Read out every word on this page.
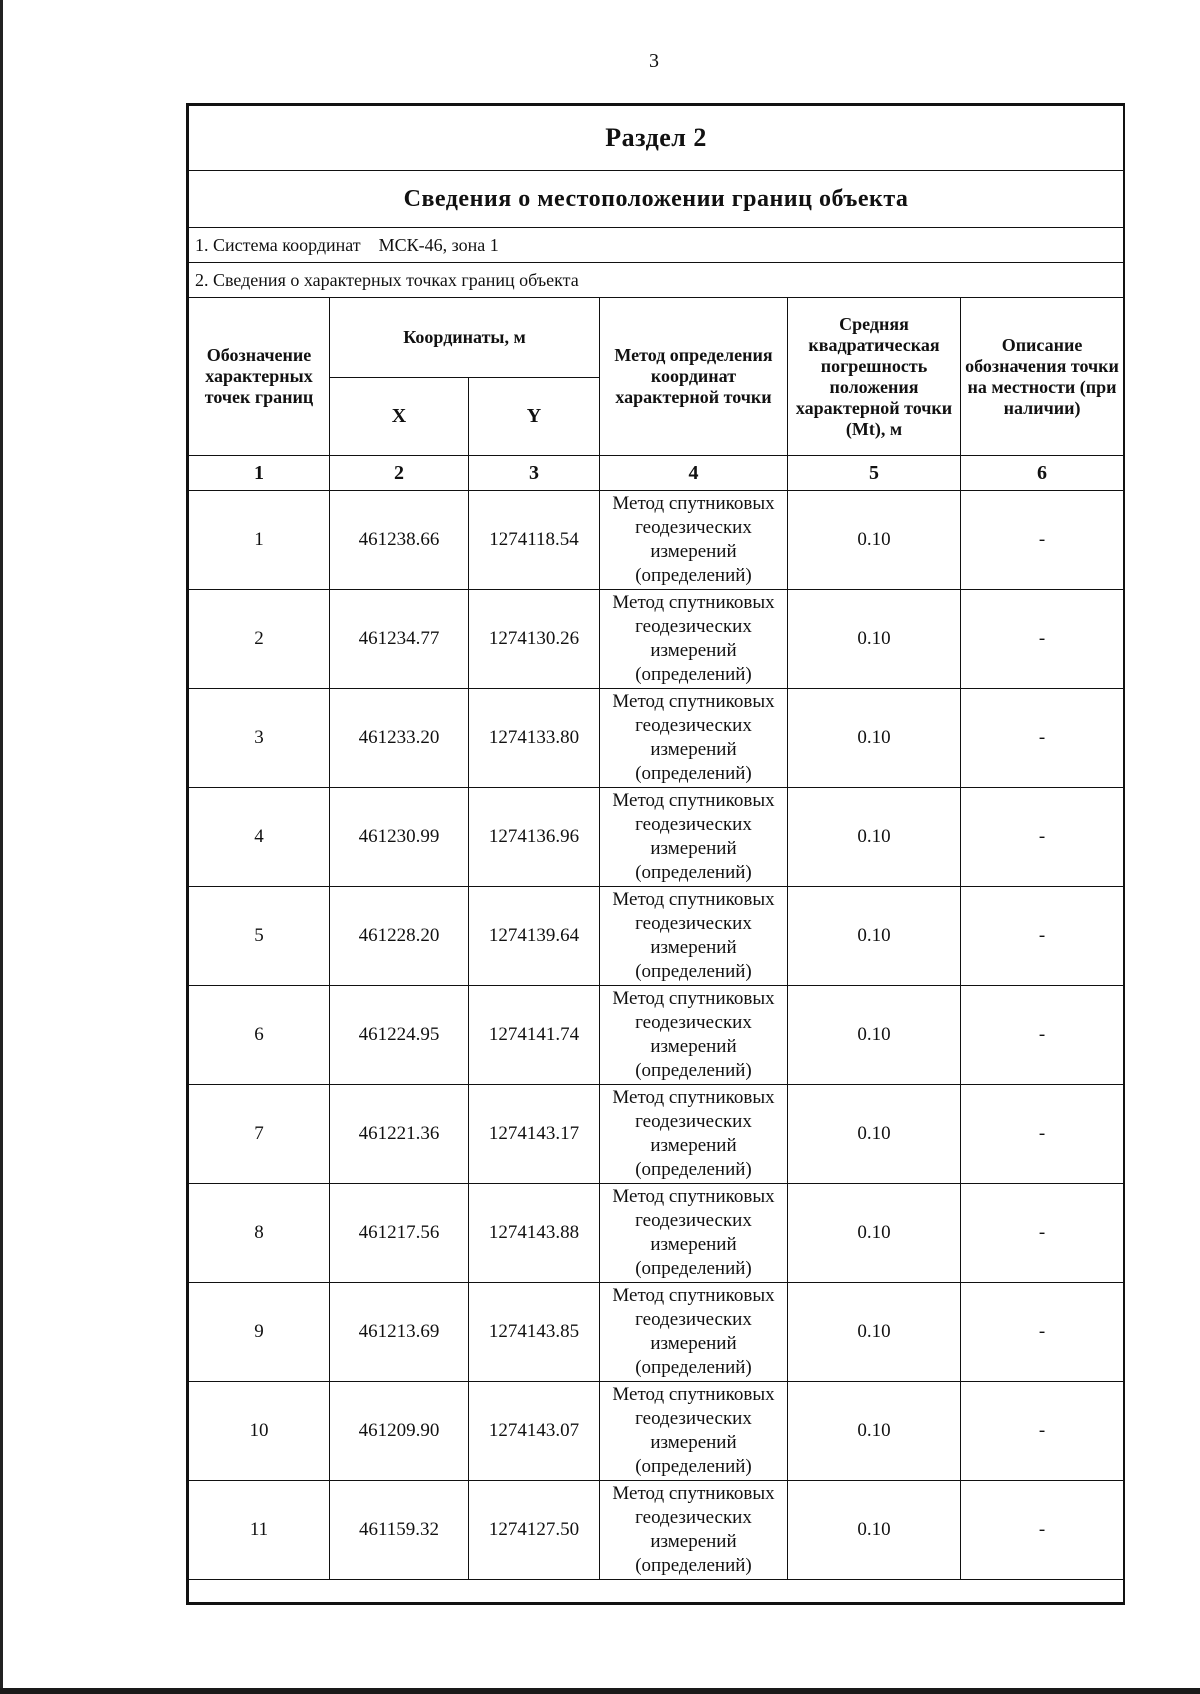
3
Раздел 2					
Сведения о местоположении границ объекта					
1. Система координат МСК-46, зона 1					
2. Сведения о характерных точках границ объекта					
Обозначение характерных точек границ	Координаты, м		Метод определения координат характерной точки	Средняя квадратическая погрешность положения характерной точки (Mt), м	Описание обозначения точки на местности (при наличии)
	X	Y			
1	2	3	4	5	6
1	461238.66	1274118.54	Метод спутниковых геодезических измерений (определений)	0.10	-
2	461234.77	1274130.26	Метод спутниковых геодезических измерений (определений)	0.10	-
3	461233.20	1274133.80	Метод спутниковых геодезических измерений (определений)	0.10	-
4	461230.99	1274136.96	Метод спутниковых геодезических измерений (определений)	0.10	-
5	461228.20	1274139.64	Метод спутниковых геодезических измерений (определений)	0.10	-
6	461224.95	1274141.74	Метод спутниковых геодезических измерений (определений)	0.10	-
7	461221.36	1274143.17	Метод спутниковых геодезических измерений (определений)	0.10	-
8	461217.56	1274143.88	Метод спутниковых геодезических измерений (определений)	0.10	-
9	461213.69	1274143.85	Метод спутниковых геодезических измерений (определений)	0.10	-
10	461209.90	1274143.07	Метод спутниковых геодезических измерений (определений)	0.10	-
11	461159.32	1274127.50	Метод спутниковых геодезических измерений (определений)	0.10	-
